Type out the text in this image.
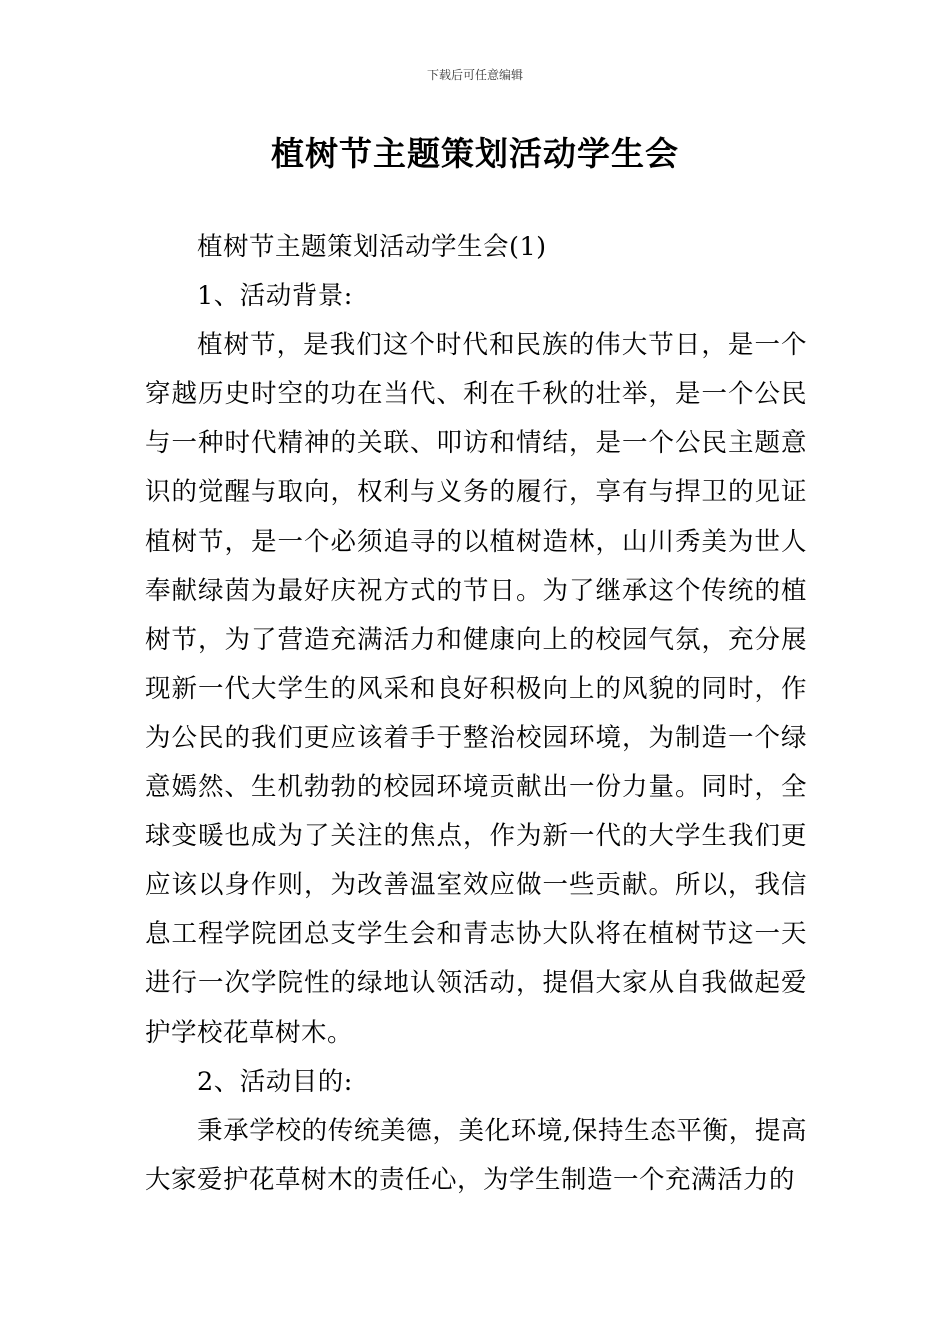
下载后可任意编辑
植树节主题策划活动学生会

植树节主题策划活动学生会(1)

1、活动背景:

植树节，是我们这个时代和民族的伟大节日，是一个穿越历史时空的功在当代、利在千秋的壮举，是一个公民与一种时代精神的关联、叩访和情结，是一个公民主题意识的觉醒与取向，权利与义务的履行，享有与捍卫的见证植树节，是一个必须追寻的以植树造林，山川秀美为世人奉献绿茵为最好庆祝方式的节日。为了继承这个传统的植树节，为了营造充满活力和健康向上的校园气氛，充分展现新一代大学生的风采和良好积极向上的风貌的同时，作为公民的我们更应该着手于整治校园环境，为制造一个绿意嫣然、生机勃勃的校园环境贡献出一份力量。同时，全球变暖也成为了关注的焦点，作为新一代的大学生我们更应该以身作则，为改善温室效应做一些贡献。所以，我信息工程学院团总支学生会和青志协大队将在植树节这一天进行一次学院性的绿地认领活动，提倡大家从自我做起爱护学校花草树木。

2、活动目的:

秉承学校的传统美德，美化环境,保持生态平衡，提高大家爱护花草树木的责任心，为学生制造一个充满活力的
